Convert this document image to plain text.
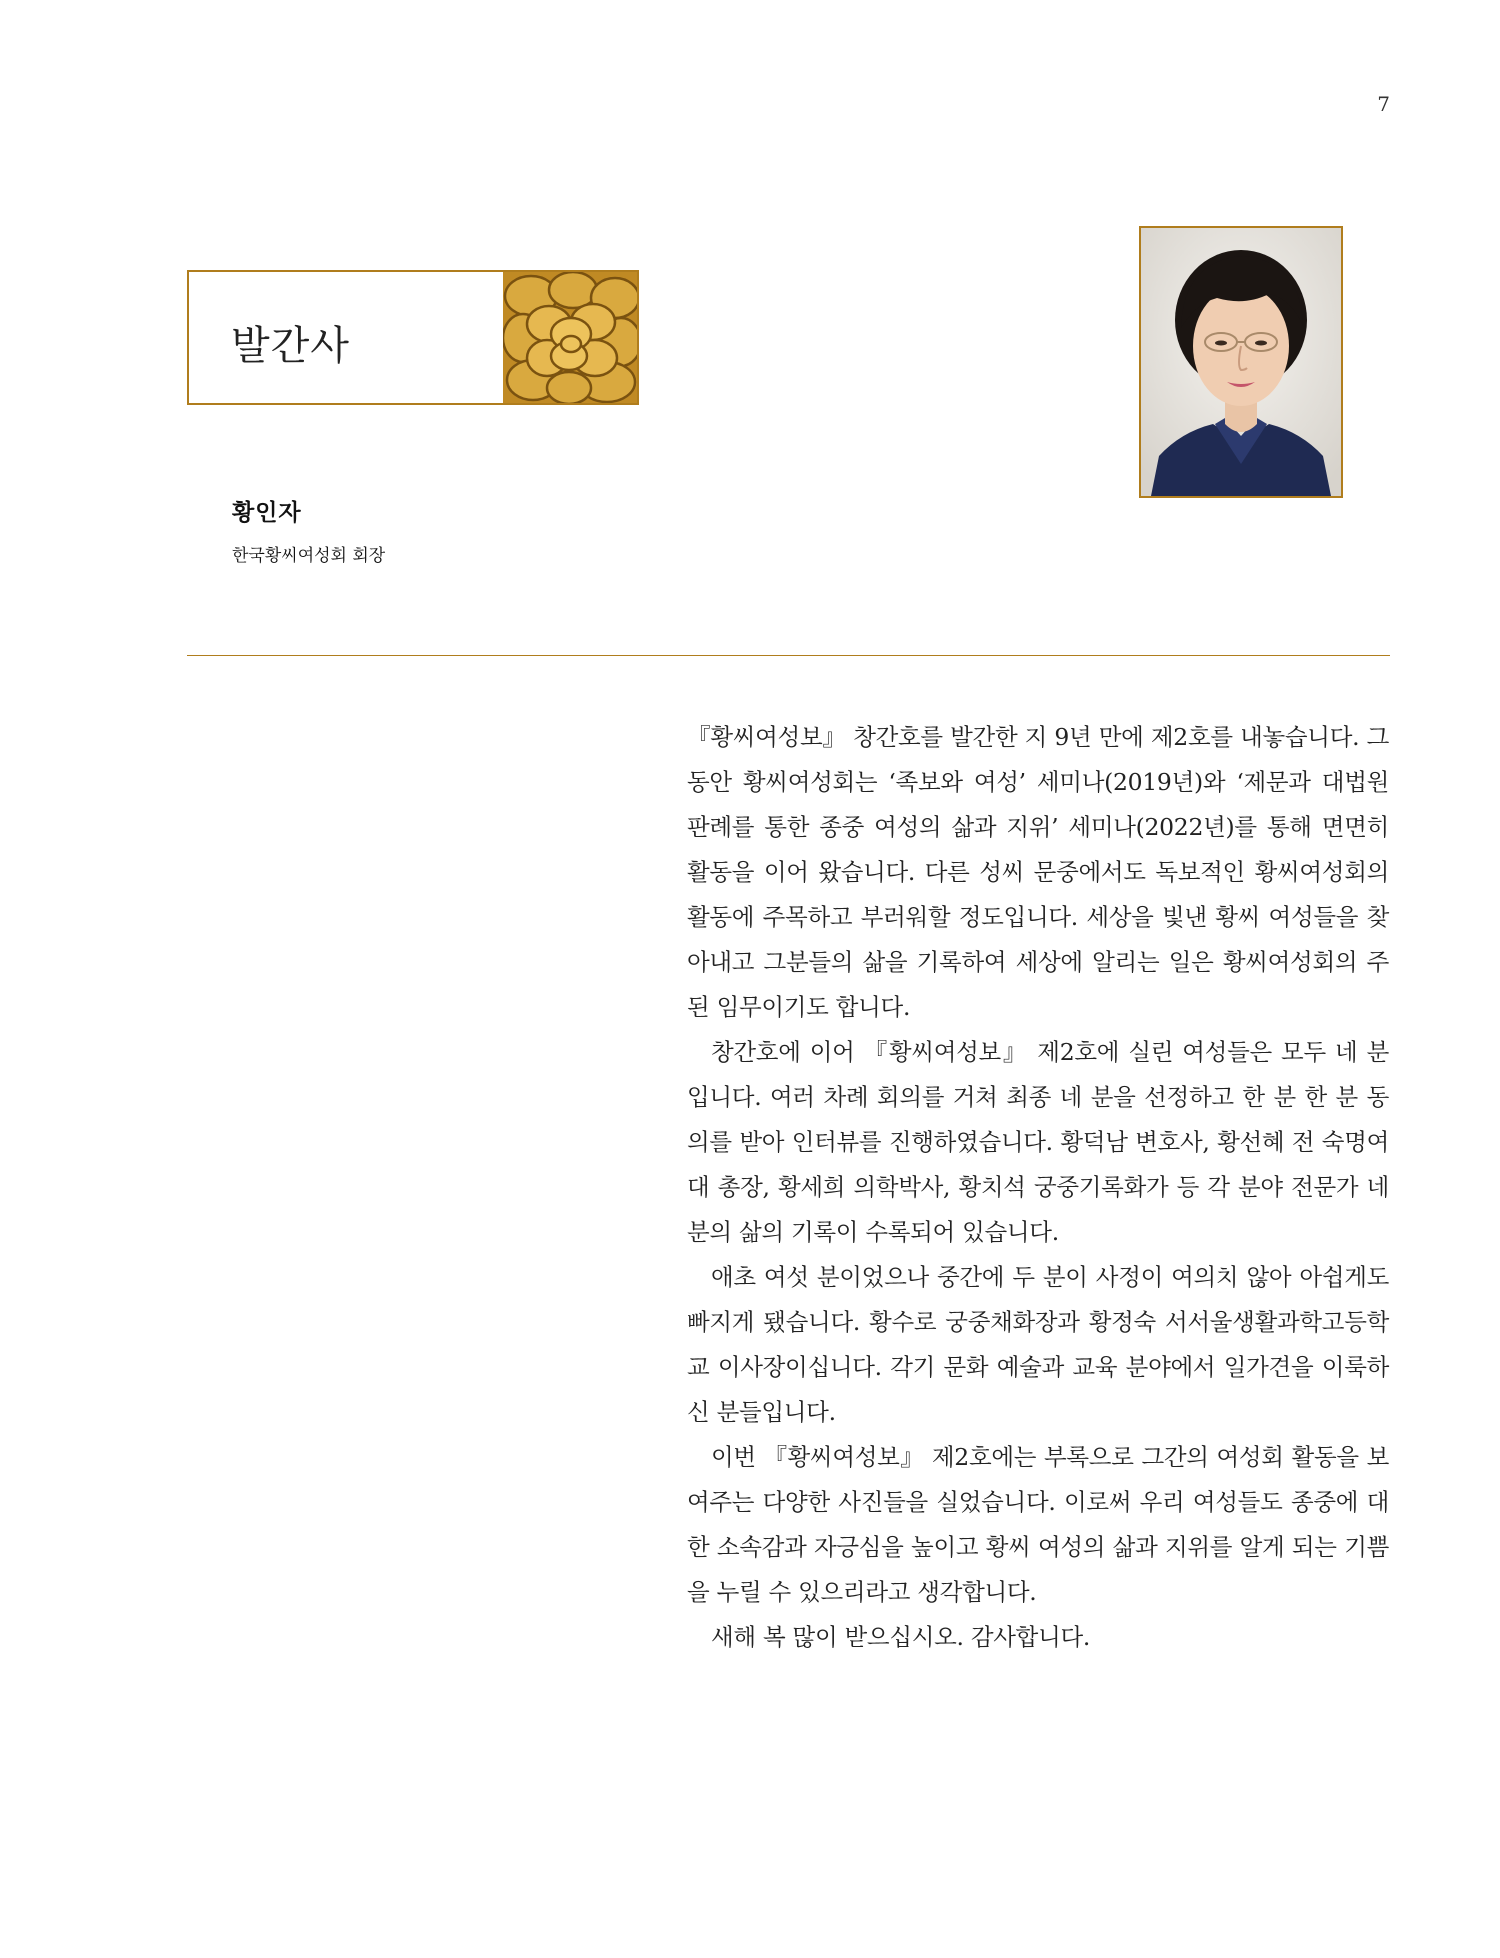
7
발간사
황인자
한국황씨여성회 회장

『황씨여성보』 창간호를 발간한 지 9년 만에 제2호를 내놓습니다. 그동안 황씨여성회는 ‘족보와 여성’ 세미나(2019년)와 ‘제문과 대법원 판례를 통한 종중 여성의 삶과 지위’ 세미나(2022년)를 통해 면면히 활동을 이어 왔습니다. 다른 성씨 문중에서도 독보적인 황씨여성회의 활동에 주목하고 부러워할 정도입니다. 세상을 빛낸 황씨 여성들을 찾아내고 그분들의 삶을 기록하여 세상에 알리는 일은 황씨여성회의 주된 임무이기도 합니다.

창간호에 이어 『황씨여성보』 제2호에 실린 여성들은 모두 네 분입니다. 여러 차례 회의를 거쳐 최종 네 분을 선정하고 한 분 한 분 동의를 받아 인터뷰를 진행하였습니다. 황덕남 변호사, 황선혜 전 숙명여대 총장, 황세희 의학박사, 황치석 궁중기록화가 등 각 분야 전문가 네 분의 삶의 기록이 수록되어 있습니다.

애초 여섯 분이었으나 중간에 두 분이 사정이 여의치 않아 아쉽게도 빠지게 됐습니다. 황수로 궁중채화장과 황정숙 서서울생활과학고등학교 이사장이십니다. 각기 문화 예술과 교육 분야에서 일가견을 이룩하신 분들입니다.

이번 『황씨여성보』 제2호에는 부록으로 그간의 여성회 활동을 보여주는 다양한 사진들을 실었습니다. 이로써 우리 여성들도 종중에 대한 소속감과 자긍심을 높이고 황씨 여성의 삶과 지위를 알게 되는 기쁨을 누릴 수 있으리라고 생각합니다.

새해 복 많이 받으십시오. 감사합니다.
